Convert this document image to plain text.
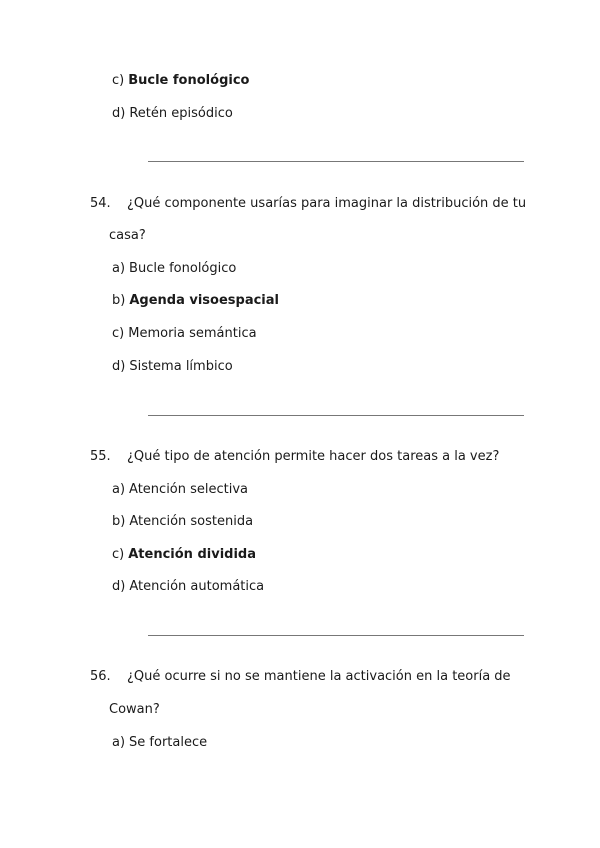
c) Bucle fonológico
d) Retén episódico
54. ¿Qué componente usarías para imaginar la distribución de tu
casa?
a) Bucle fonológico
b) Agenda visoespacial
c) Memoria semántica
d) Sistema límbico
55. ¿Qué tipo de atención permite hacer dos tareas a la vez?
a) Atención selectiva
b) Atención sostenida
c) Atención dividida
d) Atención automática
56. ¿Qué ocurre si no se mantiene la activación en la teoría de
Cowan?
a) Se fortalece
